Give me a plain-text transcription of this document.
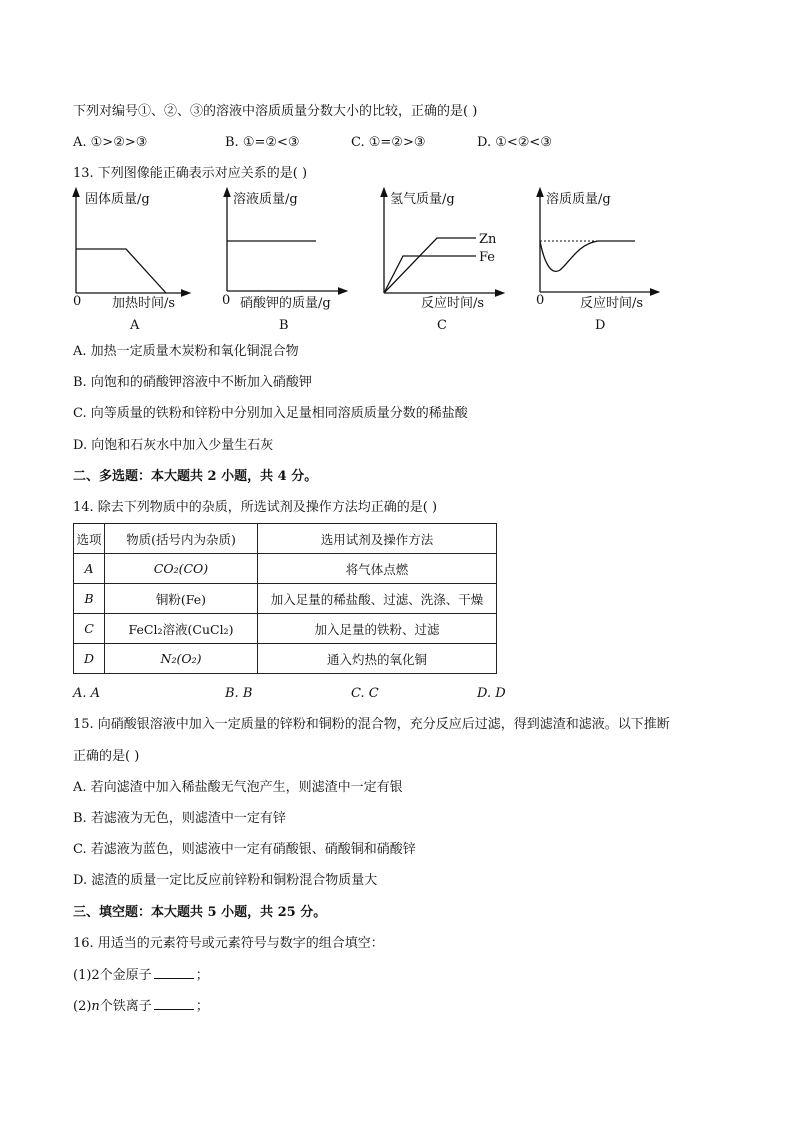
下列对编号①、②、③的溶液中溶质质量分数大小的比较，正确的是( )
A. ①>②>③	B. ①=②<③	C. ①=②>③	D. ①<②<③
13. 下列图像能正确表示对应关系的是( )
固体质量/g
0 加热时间/s
A
溶液质量/g
0 硝酸钾的质量/g
B
氢气质量/g
Zn
Fe
反应时间/s
C
溶质质量/g
0	反应时间/s
D
A. 加热一定质量木炭粉和氧化铜混合物
B. 向饱和的硝酸钾溶液中不断加入硝酸钾
C. 向等质量的铁粉和锌粉中分别加入足量相同溶质质量分数的稀盐酸
D. 向饱和石灰水中加入少量生石灰
二、多选题：本大题共 2 小题，共 4 分。
14. 除去下列物质中的杂质，所选试剂及操作方法均正确的是( )
选项	物质(括号内为杂质)	选用试剂及操作方法
A	CO₂(CO)	将气体点燃
B	铜粉(Fe)	加入足量的稀盐酸、过滤、洗涤、干燥
C	FeCl₂溶液(CuCl₂)	加入足量的铁粉、过滤
D	N₂(O₂)	通入灼热的氧化铜
A. A	B. B	C. C	D. D
15. 向硝酸银溶液中加入一定质量的锌粉和铜粉的混合物，充分反应后过滤，得到滤渣和滤液。以下推断
正确的是( )
A. 若向滤渣中加入稀盐酸无气泡产生，则滤渣中一定有银
B. 若滤液为无色，则滤渣中一定有锌
C. 若滤液为蓝色，则滤液中一定有硝酸银、硝酸铜和硝酸锌
D. 滤渣的质量一定比反应前锌粉和铜粉混合物质量大
三、填空题：本大题共 5 小题，共 25 分。
16. 用适当的元素符号或元素符号与数字的组合填空：
(1)2个金原子	；
(2)n个铁离子	；
